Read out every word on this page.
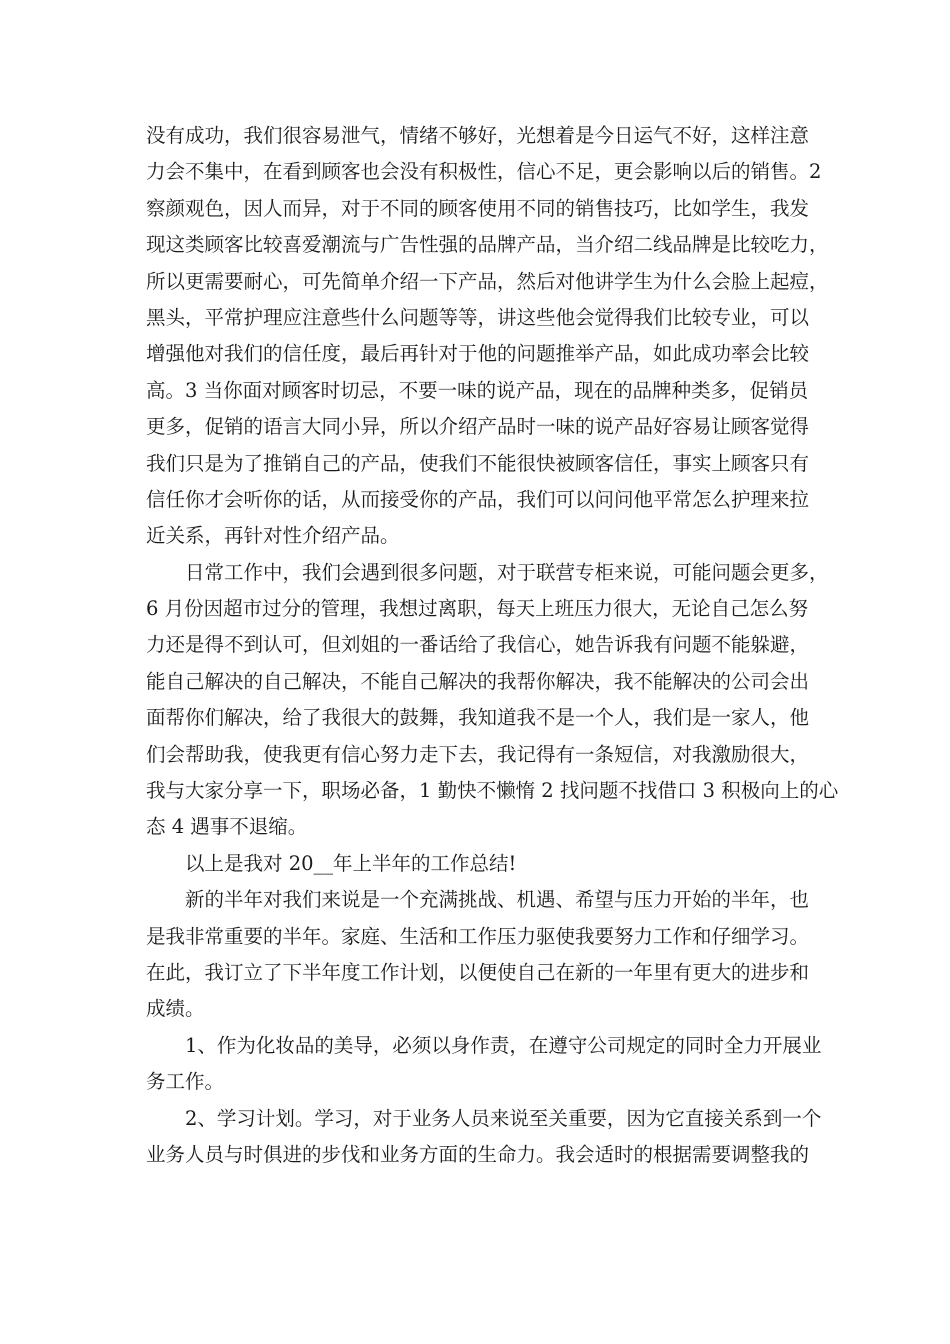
没有成功，我们很容易泄气，情绪不够好，光想着是今日运气不好，这样注意
力会不集中，在看到顾客也会没有积极性，信心不足，更会影响以后的销售。2
察颜观色，因人而异，对于不同的顾客使用不同的销售技巧，比如学生，我发
现这类顾客比较喜爱潮流与广告性强的品牌产品，当介绍二线品牌是比较吃力，
所以更需要耐心，可先简单介绍一下产品，然后对他讲学生为什么会脸上起痘，
黑头，平常护理应注意些什么问题等等，讲这些他会觉得我们比较专业，可以
增强他对我们的信任度，最后再针对于他的问题推举产品，如此成功率会比较
高。3 当你面对顾客时切忌，不要一味的说产品，现在的品牌种类多，促销员
更多，促销的语言大同小异，所以介绍产品时一味的说产品好容易让顾客觉得
我们只是为了推销自己的产品，使我们不能很快被顾客信任，事实上顾客只有
信任你才会听你的话，从而接受你的产品，我们可以问问他平常怎么护理来拉
近关系，再针对性介绍产品。
日常工作中，我们会遇到很多问题，对于联营专柜来说，可能问题会更多，
6 月份因超市过分的管理，我想过离职，每天上班压力很大，无论自己怎么努
力还是得不到认可，但刘姐的一番话给了我信心，她告诉我有问题不能躲避，
能自己解决的自己解决，不能自己解决的我帮你解决，我不能解决的公司会出
面帮你们解决，给了我很大的鼓舞，我知道我不是一个人，我们是一家人，他
们会帮助我，使我更有信心努力走下去，我记得有一条短信，对我激励很大，
我与大家分享一下，职场必备，1 勤快不懒惰 2 找问题不找借口 3 积极向上的心
态 4 遇事不退缩。
以上是我对 20__年上半年的工作总结!
新的半年对我们来说是一个充满挑战、机遇、希望与压力开始的半年，也
是我非常重要的半年。家庭、生活和工作压力驱使我要努力工作和仔细学习。
在此，我订立了下半年度工作计划，以便使自己在新的一年里有更大的进步和
成绩。
1、作为化妆品的美导，必须以身作责，在遵守公司规定的同时全力开展业
务工作。
2、学习计划。学习，对于业务人员来说至关重要，因为它直接关系到一个
业务人员与时俱进的步伐和业务方面的生命力。我会适时的根据需要调整我的
